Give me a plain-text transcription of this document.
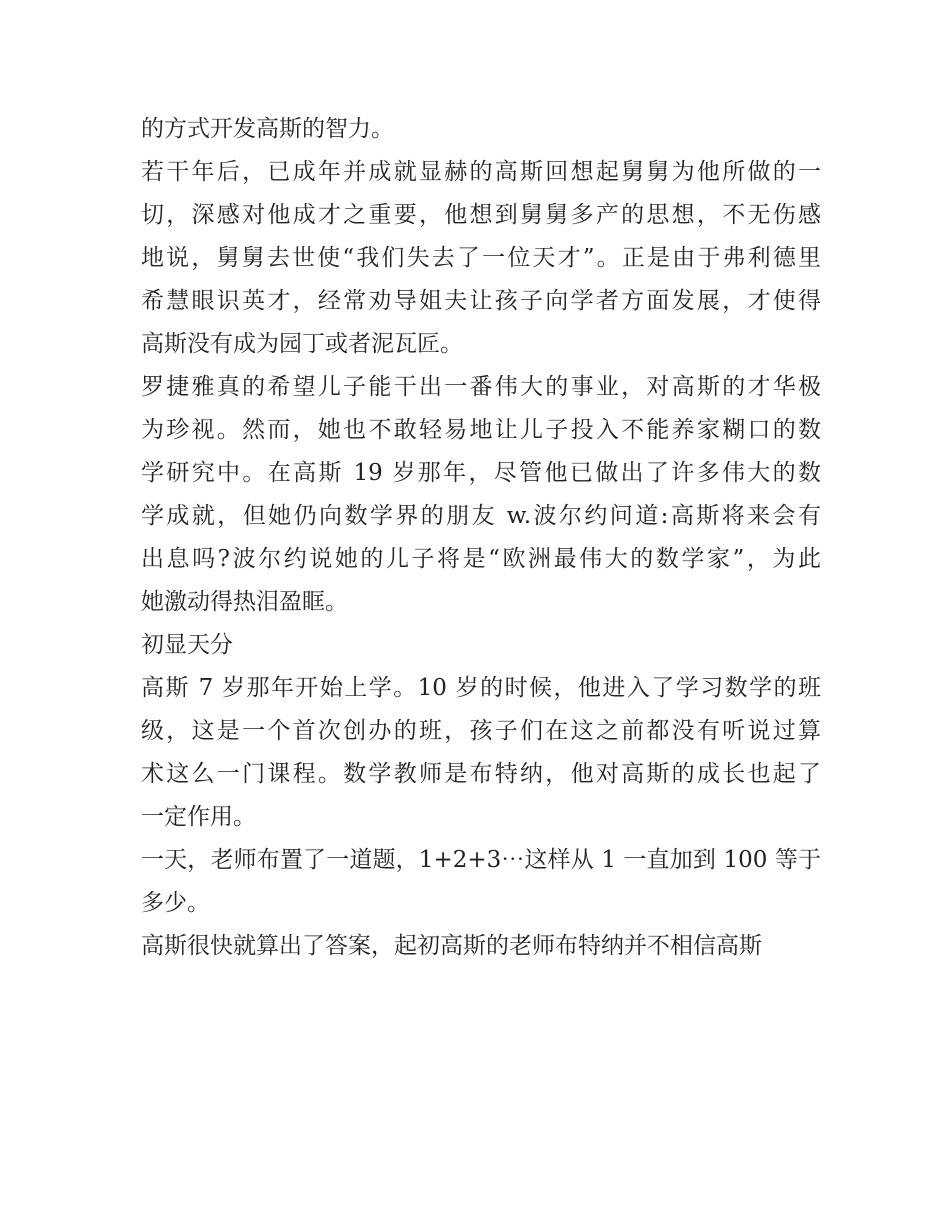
的方式开发高斯的智力。
若干年后，已成年并成就显赫的高斯回想起舅舅为他所做的一
切，深感对他成才之重要，他想到舅舅多产的思想，不无伤感
地说，舅舅去世使“我们失去了一位天才”。正是由于弗利德里
希慧眼识英才，经常劝导姐夫让孩子向学者方面发展，才使得
高斯没有成为园丁或者泥瓦匠。
罗捷雅真的希望儿子能干出一番伟大的事业，对高斯的才华极
为珍视。然而，她也不敢轻易地让儿子投入不能养家糊口的数
学研究中。在高斯 19 岁那年，尽管他已做出了许多伟大的数
学成就，但她仍向数学界的朋友 w.波尔约问道:高斯将来会有
出息吗?波尔约说她的儿子将是“欧洲最伟大的数学家”，为此
她激动得热泪盈眶。
初显天分
高斯 7 岁那年开始上学。10 岁的时候，他进入了学习数学的班
级，这是一个首次创办的班，孩子们在这之前都没有听说过算
术这么一门课程。数学教师是布特纳，他对高斯的成长也起了
一定作用。
一天，老师布置了一道题，1+2+3⋯这样从 1 一直加到 100 等于
多少。
高斯很快就算出了答案，起初高斯的老师布特纳并不相信高斯
